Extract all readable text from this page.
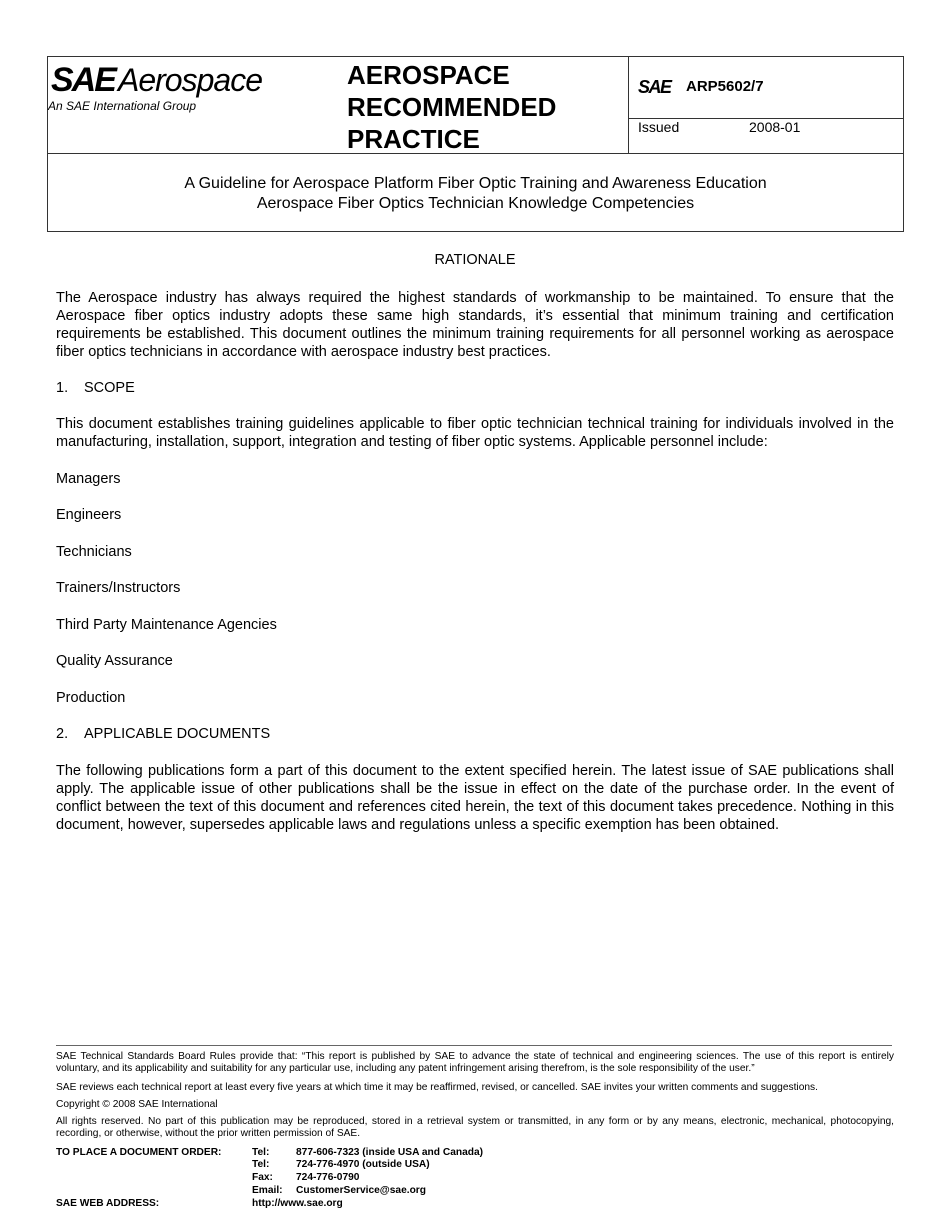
SAE Aerospace
An SAE International Group
AEROSPACE
RECOMMENDED
PRACTICE
SAE ARP5602/7
Issued	2008-01
A Guideline for Aerospace Platform Fiber Optic Training and Awareness Education
Aerospace Fiber Optics Technician Knowledge Competencies
RATIONALE
The Aerospace industry has always required the highest standards of workmanship to be maintained. To ensure that the Aerospace fiber optics industry adopts these same high standards, it’s essential that minimum training and certification requirements be established. This document outlines the minimum training requirements for all personnel working as aerospace fiber optics technicians in accordance with aerospace industry best practices.
1. SCOPE
This document establishes training guidelines applicable to fiber optic technician technical training for individuals involved in the manufacturing, installation, support, integration and testing of fiber optic systems. Applicable personnel include:
Managers
Engineers
Technicians
Trainers/Instructors
Third Party Maintenance Agencies
Quality Assurance
Production
2. APPLICABLE DOCUMENTS
The following publications form a part of this document to the extent specified herein. The latest issue of SAE publications shall apply. The applicable issue of other publications shall be the issue in effect on the date of the purchase order. In the event of conflict between the text of this document and references cited herein, the text of this document takes precedence. Nothing in this document, however, supersedes applicable laws and regulations unless a specific exemption has been obtained.
SAE Technical Standards Board Rules provide that: “This report is published by SAE to advance the state of technical and engineering sciences. The use of this report is entirely voluntary, and its applicability and suitability for any particular use, including any patent infringement arising therefrom, is the sole responsibility of the user.”
SAE reviews each technical report at least every five years at which time it may be reaffirmed, revised, or cancelled. SAE invites your written comments and suggestions.
Copyright © 2008 SAE International
All rights reserved. No part of this publication may be reproduced, stored in a retrieval system or transmitted, in any form or by any means, electronic, mechanical, photocopying, recording, or otherwise, without the prior written permission of SAE.
TO PLACE A DOCUMENT ORDER:	Tel:	877-606-7323 (inside USA and Canada)
Tel:	724-776-4970 (outside USA)
Fax: 724-776-0790
Email: CustomerService@sae.org
SAE WEB ADDRESS:	http://www.sae.org
